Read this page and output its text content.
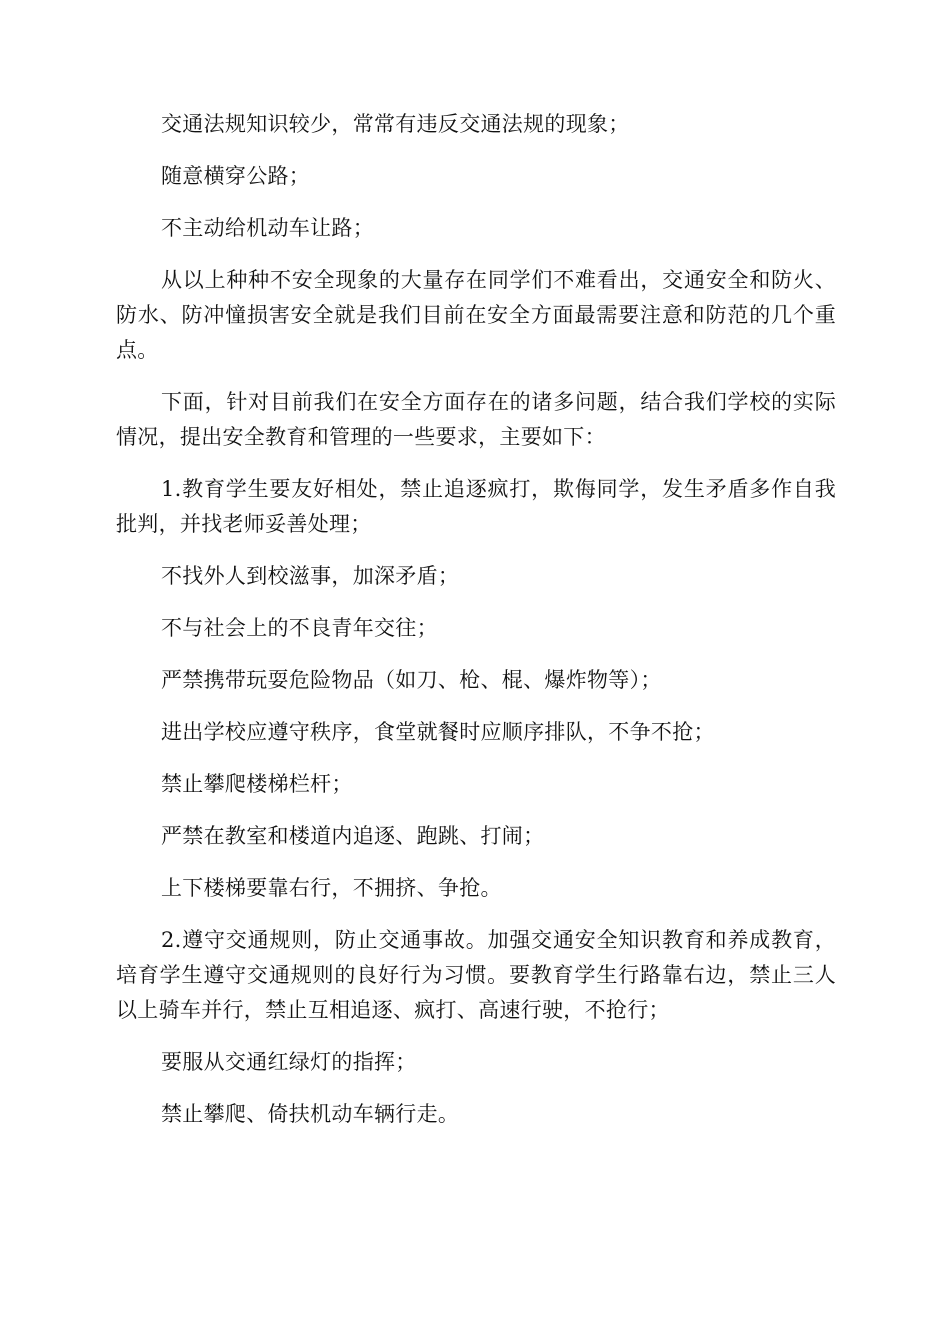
交通法规知识较少，常常有违反交通法规的现象；

随意横穿公路；

不主动给机动车让路；

从以上种种不安全现象的大量存在同学们不难看出，交通安全和防火、防水、防冲憧损害安全就是我们目前在安全方面最需要注意和防范的几个重点。

下面，针对目前我们在安全方面存在的诸多问题，结合我们学校的实际情况，提出安全教育和管理的一些要求，主要如下：

1.教育学生要友好相处，禁止追逐疯打，欺侮同学，发生矛盾多作自我批判，并找老师妥善处理；

不找外人到校滋事，加深矛盾；

不与社会上的不良青年交往；

严禁携带玩耍危险物品（如刀、枪、棍、爆炸物等）；

进出学校应遵守秩序，食堂就餐时应顺序排队，不争不抢；

禁止攀爬楼梯栏杆；

严禁在教室和楼道内追逐、跑跳、打闹；

上下楼梯要靠右行，不拥挤、争抢。

2.遵守交通规则，防止交通事故。加强交通安全知识教育和养成教育，培育学生遵守交通规则的良好行为习惯。要教育学生行路靠右边，禁止三人以上骑车并行，禁止互相追逐、疯打、高速行驶，不抢行；

要服从交通红绿灯的指挥；

禁止攀爬、倚扶机动车辆行走。
